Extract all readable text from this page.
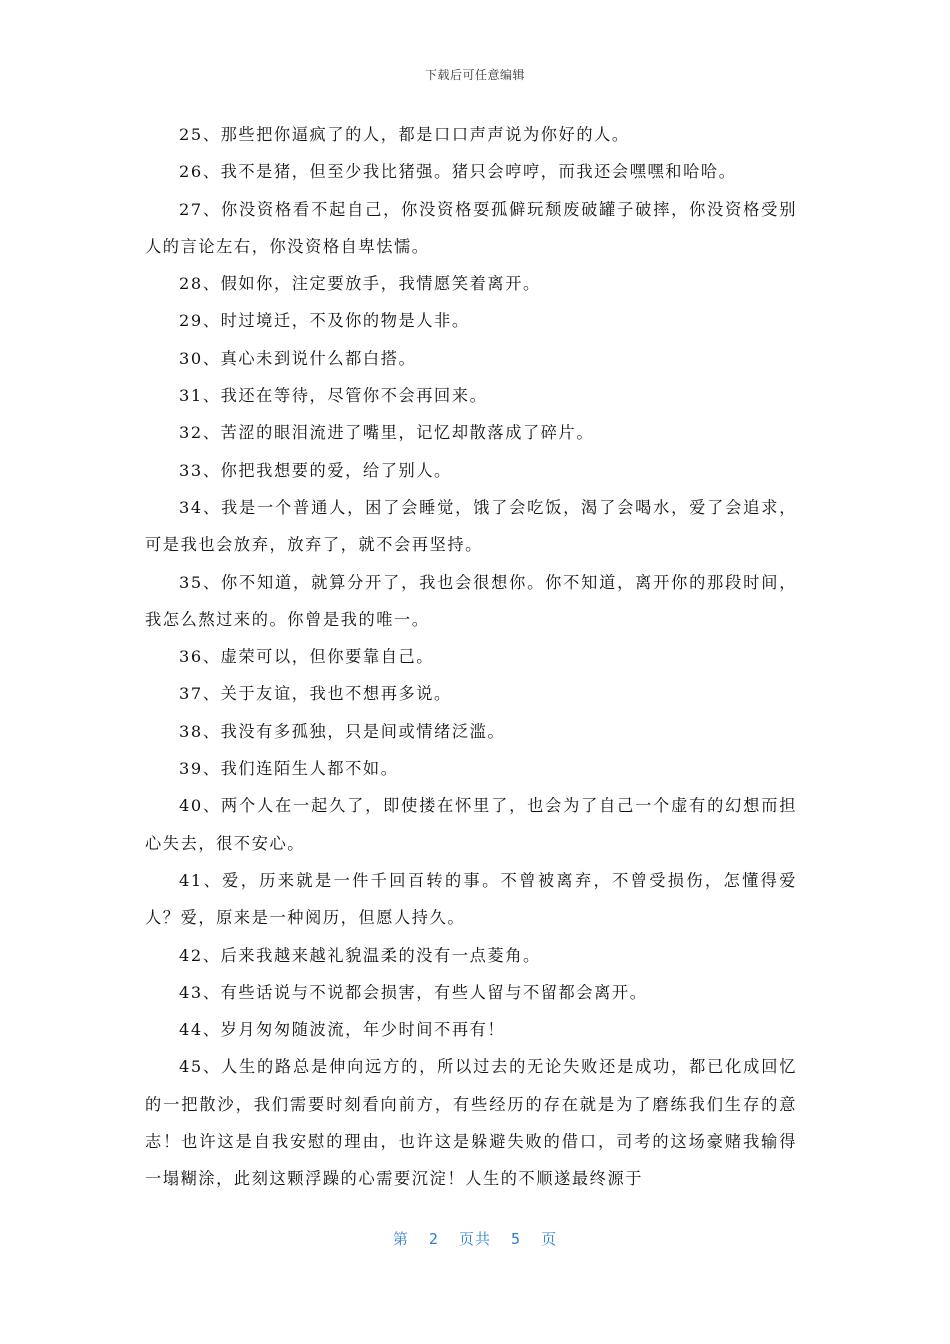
下载后可任意编辑

25、那些把你逼疯了的人，都是口口声声说为你好的人。

26、我不是猪，但至少我比猪强。猪只会哼哼，而我还会嘿嘿和哈哈。

27、你没资格看不起自己，你没资格耍孤僻玩颓废破罐子破摔，你没资格受别人的言论左右，你没资格自卑怯懦。

28、假如你，注定要放手，我情愿笑着离开。

29、时过境迁，不及你的物是人非。

30、真心未到说什么都白搭。

31、我还在等待，尽管你不会再回来。

32、苦涩的眼泪流进了嘴里，记忆却散落成了碎片。

33、你把我想要的爱，给了别人。

34、我是一个普通人，困了会睡觉，饿了会吃饭，渴了会喝水，爱了会追求，可是我也会放弃，放弃了，就不会再坚持。

35、你不知道，就算分开了，我也会很想你。你不知道，离开你的那段时间，我怎么熬过来的。你曾是我的唯一。

36、虚荣可以，但你要靠自己。

37、关于友谊，我也不想再多说。

38、我没有多孤独，只是间或情绪泛滥。

39、我们连陌生人都不如。

40、两个人在一起久了，即使搂在怀里了，也会为了自己一个虚有的幻想而担心失去，很不安心。

41、爱，历来就是一件千回百转的事。不曾被离弃，不曾受损伤，怎懂得爱人？爱，原来是一种阅历，但愿人持久。

42、后来我越来越礼貌温柔的没有一点菱角。

43、有些话说与不说都会损害，有些人留与不留都会离开。

44、岁月匆匆随波流，年少时间不再有！

45、人生的路总是伸向远方的，所以过去的无论失败还是成功，都已化成回忆的一把散沙，我们需要时刻看向前方，有些经历的存在就是为了磨练我们生存的意志！也许这是自我安慰的理由，也许这是躲避失败的借口，司考的这场豪赌我输得一塌糊涂，此刻这颗浮躁的心需要沉淀！人生的不顺遂最终源于

第  2  页共  5  页
